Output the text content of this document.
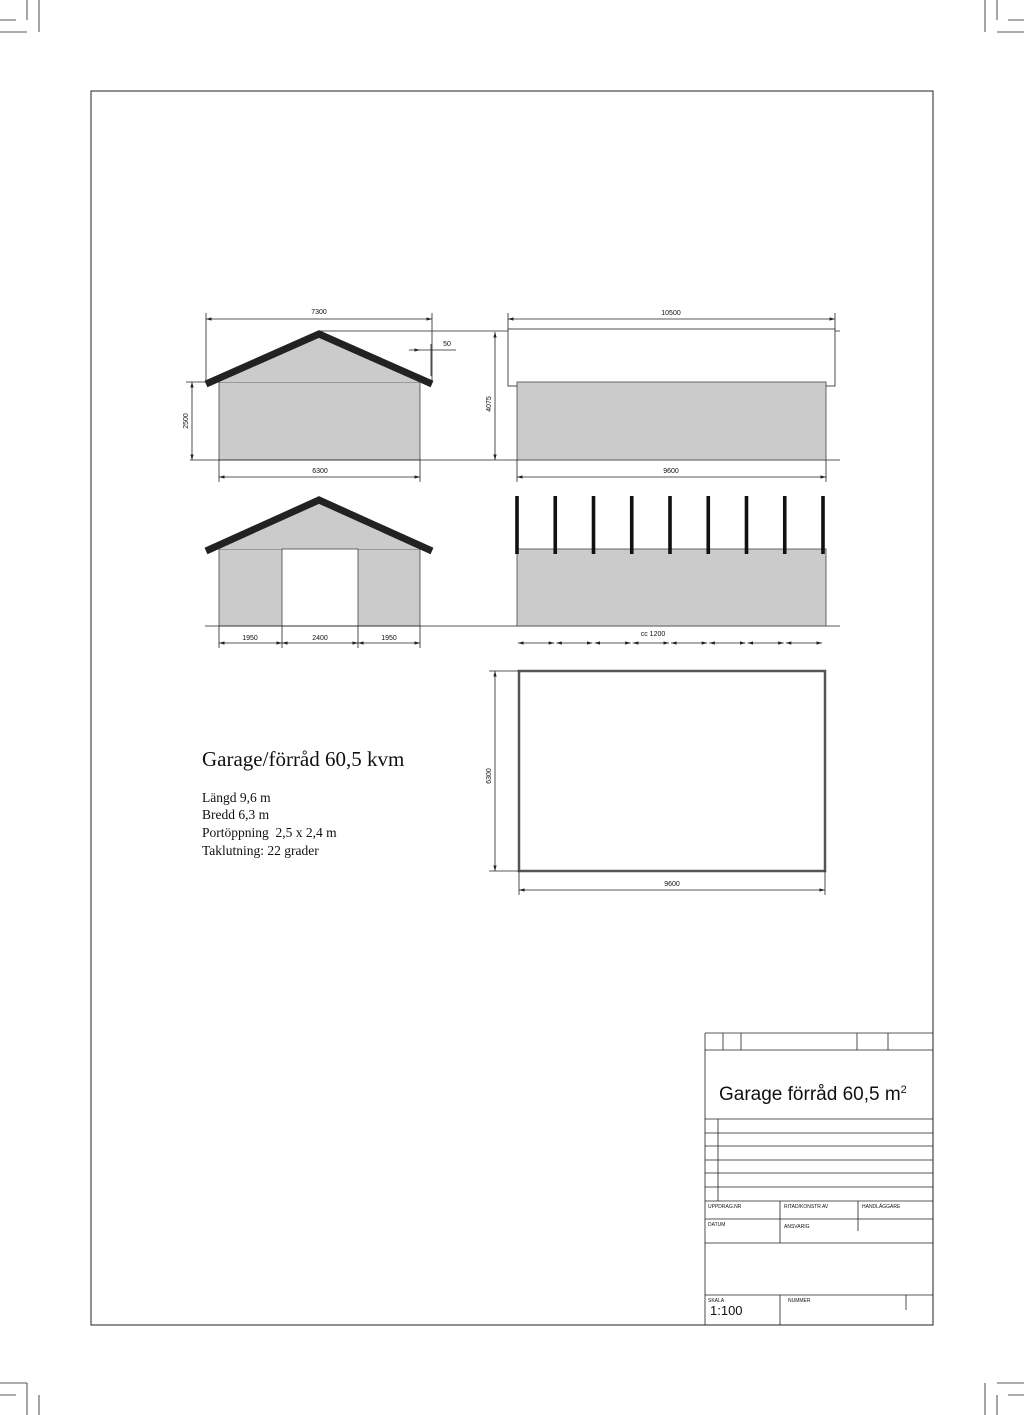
7300
50
2500
4075
6300
10500
9600
1950	2400	1950
cc 1200
6300
9600
Garage/förråd 60,5 kvm
Längd 9,6 m
Bredd 6,3 m
Portöppning  2,5 x 2,4 m
Taklutning: 22 grader
Garage förråd 60,5 $m^2$
UPPDRAG.NR	RITAD/KONSTR AV	HANDLÄGGARE
DATUM	ANSVARIG
SKALA
1:100
NUMMER
